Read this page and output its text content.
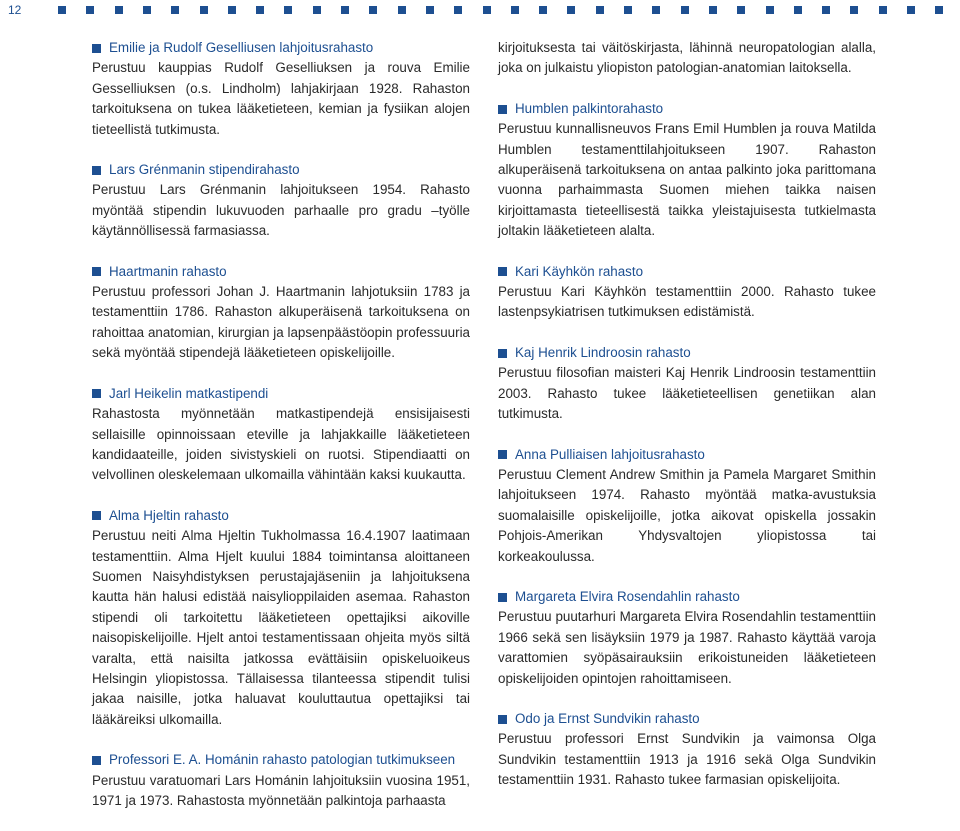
12
Emilie ja Rudolf Geselliusen lahjoitusrahasto

Perustuu kauppias Rudolf Geselliuksen ja rouva Emilie Gesselliuksen (o.s. Lindholm) lahjakirjaan 1928. Rahaston tarkoituksena on tukea lääketieteen, kemian ja fysiikan alojen tieteellistä tutkimusta.

Lars Grénmanin stipendirahasto

Perustuu Lars Grénmanin lahjoitukseen 1954. Rahasto myöntää stipendin lukuvuoden parhaalle pro gradu –työlle käytännöllisessä farmasiassa.

Haartmanin rahasto

Perustuu professori Johan J. Haartmanin lahjotuksiin 1783 ja testamenttiin 1786. Rahaston alkuperäisenä tarkoituksena on rahoittaa anatomian, kirurgian ja lapsenpäästöopin professuuria sekä myöntää stipendejä lääketieteen opiskelijoille.

Jarl Heikelin matkastipendi

Rahastosta myönnetään matkastipendejä ensisijaisesti sellaisille opinnoissaan eteville ja lahjakkaille lääketieteen kandidaateille, joiden sivistyskieli on ruotsi. Stipendiaatti on velvollinen oleskelemaan ulkomailla vähintään kaksi kuukautta.

Alma Hjeltin rahasto

Perustuu neiti Alma Hjeltin Tukholmassa 16.4.1907 laatimaan testamenttiin. Alma Hjelt kuului 1884 toimintansa aloittaneen Suomen Naisyhdistyksen perustajajäseniin ja lahjoituksena kautta hän halusi edistää naisylioppilaiden asemaa. Rahaston stipendi oli tarkoitettu lääketieteen opettajiksi aikoville naisopiskelijoille. Hjelt antoi testamentissaan ohjeita myös siltä varalta, että naisilta jatkossa evättäisiin opiskeluoikeus Helsingin yliopistossa. Tällaisessa tilanteessa stipendit tulisi jakaa naisille, jotka haluavat kouluttautua opettajiksi tai lääkäreiksi ulkomailla.

Professori E. A. Hománin rahasto patologian tutkimukseen

Perustuu varatuomari Lars Hománin lahjoituksiin vuosina 1951, 1971 ja 1973. Rahastosta myönnetään palkintoja parhaasta

kirjoituksesta tai väitöskirjasta, lähinnä neuropatologian alalla, joka on julkaistu yliopiston patologian-anatomian laitoksella.

Humblen palkintorahasto

Perustuu kunnallisneuvos Frans Emil Humblen ja rouva Matilda Humblen testamenttilahjoitukseen 1907. Rahaston alkuperäisenä tarkoituksena on antaa palkinto joka parittomana vuonna parhaimmasta Suomen miehen taikka naisen kirjoittamasta tieteellisestä taikka yleistajuisesta tutkielmasta joltakin lääketieteen alalta.

Kari Käyhkön rahasto

Perustuu Kari Käyhkön testamenttiin 2000. Rahasto tukee lastenpsykiatrisen tutkimuksen edistämistä.

Kaj Henrik Lindroosin rahasto

Perustuu filosofian maisteri Kaj Henrik Lindroosin testamenttiin 2003. Rahasto tukee lääketieteellisen genetiikan alan tutkimusta.

Anna Pulliaisen lahjoitusrahasto

Perustuu Clement Andrew Smithin ja Pamela Margaret Smithin lahjoitukseen 1974. Rahasto myöntää matka-avustuksia suomalaisille opiskelijoille, jotka aikovat opiskella jossakin Pohjois-Amerikan Yhdysvaltojen yliopistossa tai korkeakoulussa.

Margareta Elvira Rosendahlin rahasto

Perustuu puutarhuri Margareta Elvira Rosendahlin testamenttiin 1966 sekä sen lisäyksiin 1979 ja 1987. Rahasto käyttää varoja varattomien syöpäsairauksiin erikoistuneiden lääketieteen opiskelijoiden opintojen rahoittamiseen.

Odo ja Ernst Sundvikin rahasto

Perustuu professori Ernst Sundvikin ja vaimonsa Olga Sundvikin testamenttiin 1913 ja 1916 sekä Olga Sundvikin testamenttiin 1931. Rahasto tukee farmasian opiskelijoita.
